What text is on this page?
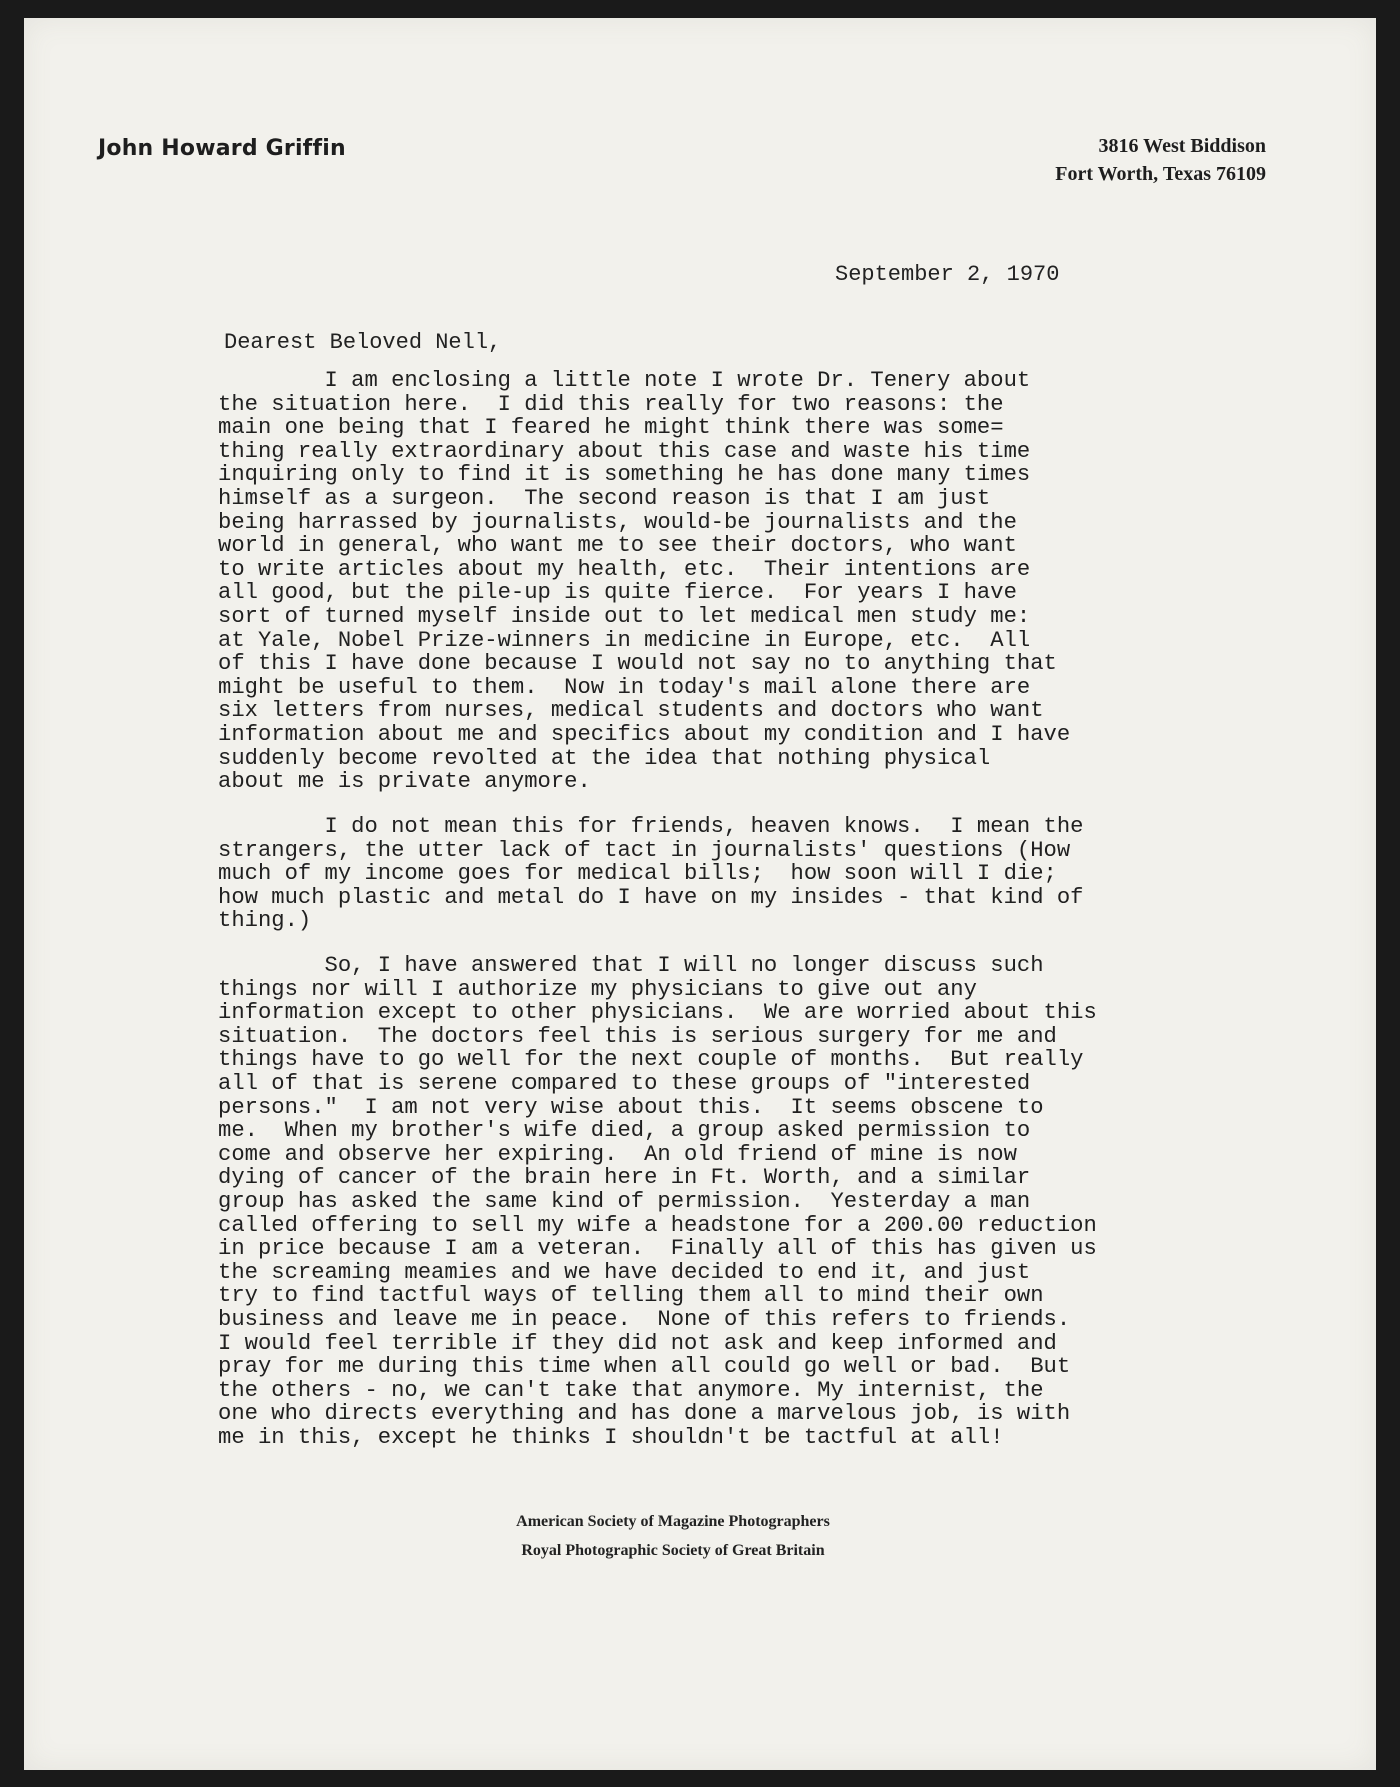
John Howard Griffin	3816 West Biddison
Fort Worth, Texas 76109
September 2, 1970
Dearest Beloved Nell,
I am enclosing a little note I wrote Dr. Tenery about
the situation here.  I did this really for two reasons: the
main one being that I feared he might think there was some=
thing really extraordinary about this case and waste his time
inquiring only to find it is something he has done many times
himself as a surgeon.  The second reason is that I am just
being harrassed by journalists, would-be journalists and the
world in general, who want me to see their doctors, who want
to write articles about my health, etc.  Their intentions are
all good, but the pile-up is quite fierce.  For years I have
sort of turned myself inside out to let medical men study me:
at Yale, Nobel Prize-winners in medicine in Europe, etc.  All
of this I have done because I would not say no to anything that
might be useful to them.  Now in today's mail alone there are
six letters from nurses, medical students and doctors who want
information about me and specifics about my condition and I have
suddenly become revolted at the idea that nothing physical
about me is private anymore.
I do not mean this for friends, heaven knows.  I mean the
strangers, the utter lack of tact in journalists' questions (How
much of my income goes for medical bills;  how soon will I die;
how much plastic and metal do I have on my insides - that kind of
thing.)
So, I have answered that I will no longer discuss such
things nor will I authorize my physicians to give out any
information except to other physicians.  We are worried about this
situation.  The doctors feel this is serious surgery for me and
things have to go well for the next couple of months.  But really
all of that is serene compared to these groups of "interested
persons."  I am not very wise about this.  It seems obscene to
me.  When my brother's wife died, a group asked permission to
come and observe her expiring.  An old friend of mine is now
dying of cancer of the brain here in Ft. Worth, and a similar
group has asked the same kind of permission.  Yesterday a man
called offering to sell my wife a headstone for a 200.00 reduction
in price because I am a veteran.  Finally all of this has given us
the screaming meamies and we have decided to end it, and just
try to find tactful ways of telling them all to mind their own
business and leave me in peace.  None of this refers to friends.
I would feel terrible if they did not ask and keep informed and
pray for me during this time when all could go well or bad.  But
the others - no, we can't take that anymore. My internist, the
one who directs everything and has done a marvelous job, is with
me in this, except he thinks I shouldn't be tactful at all!
American Society of Magazine Photographers
Royal Photographic Society of Great Britain
